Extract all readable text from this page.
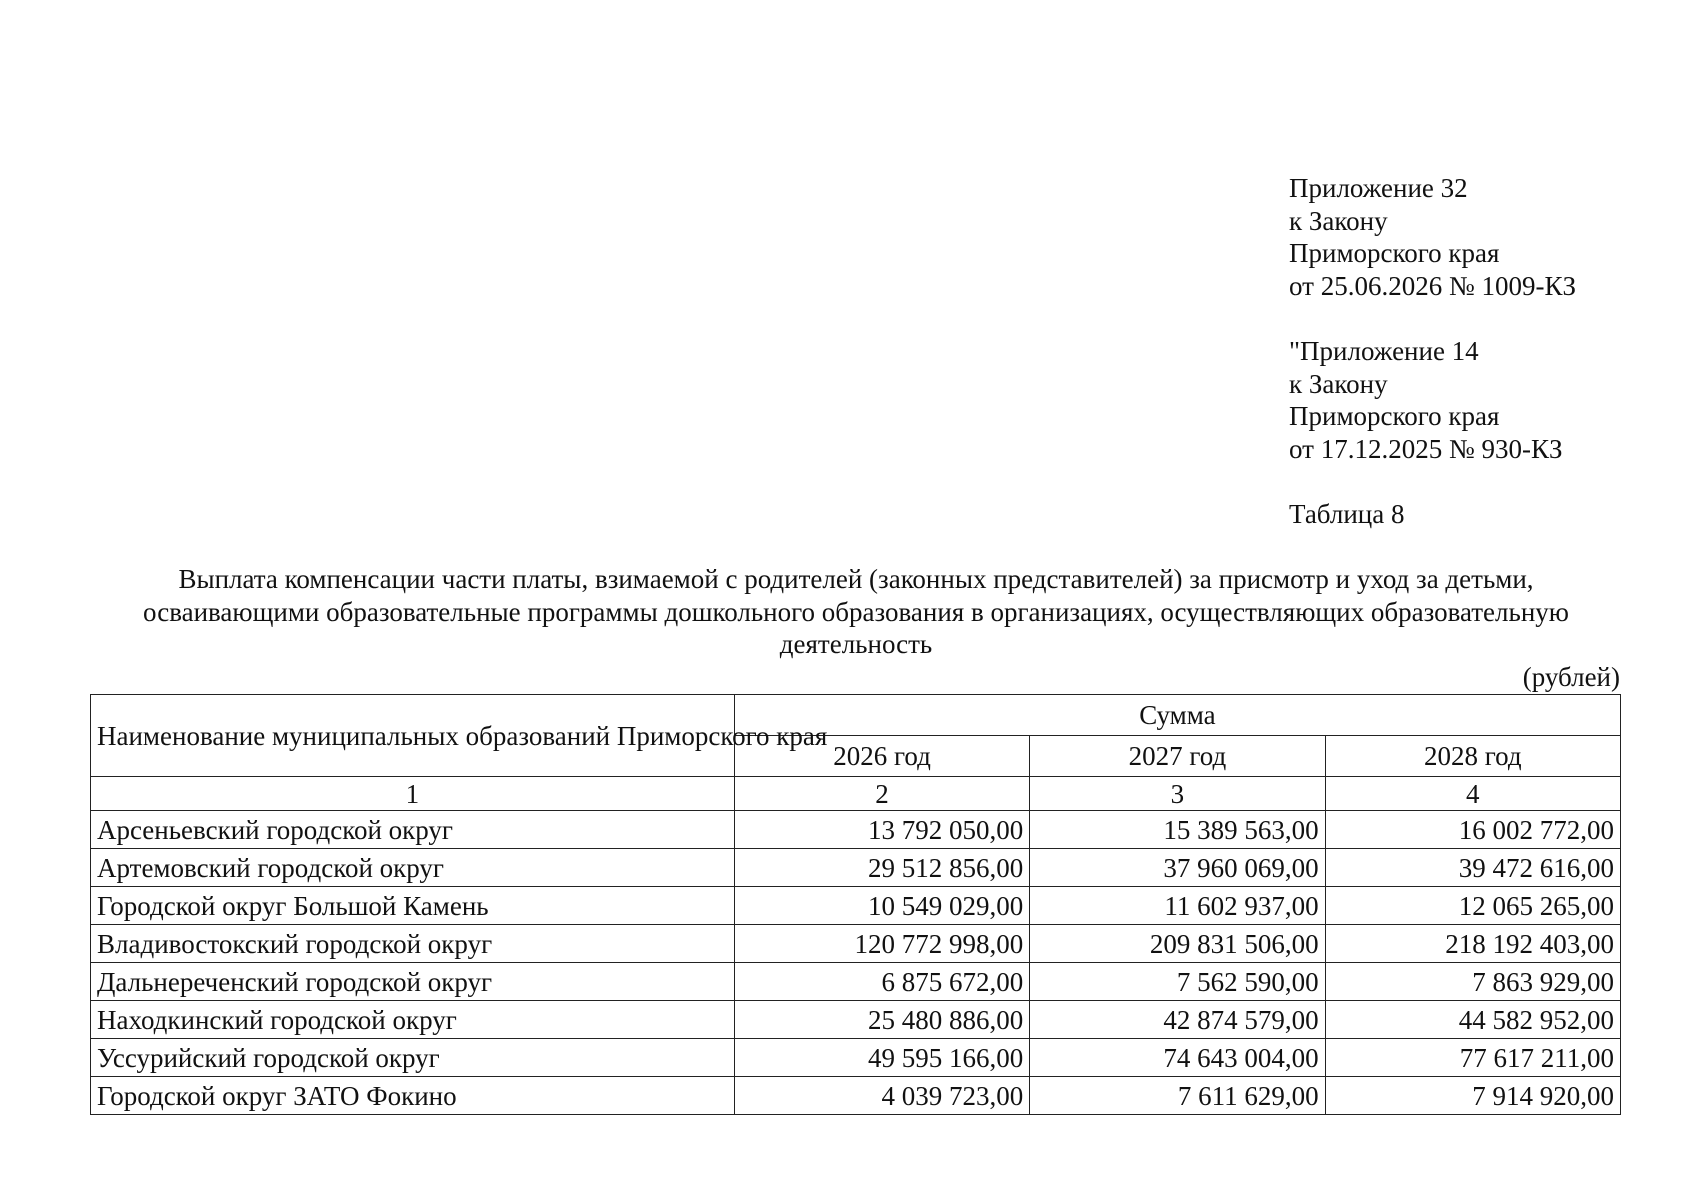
Приложение 32
к Закону
Приморского края
от 25.06.2026 № 1009-КЗ
"Приложение 14
к Закону
Приморского края
от 17.12.2025 № 930-КЗ
Таблица 8
Выплата компенсации части платы, взимаемой с родителей (законных представителей) за присмотр и уход за детьми,
осваивающими образовательные программы дошкольного образования в организациях, осуществляющих образовательную
деятельность
(рублей)
Наименование муниципальных образований Приморского края	Сумма		
	2026 год	2027 год	2028 год
1	2	3	4
Арсеньевский городской округ	13 792 050,00	15 389 563,00	16 002 772,00
Артемовский городской округ	29 512 856,00	37 960 069,00	39 472 616,00
Городской округ Большой Камень	10 549 029,00	11 602 937,00	12 065 265,00
Владивостокский городской округ	120 772 998,00	209 831 506,00	218 192 403,00
Дальнереченский городской округ	6 875 672,00	7 562 590,00	7 863 929,00
Находкинский городской округ	25 480 886,00	42 874 579,00	44 582 952,00
Уссурийский городской округ	49 595 166,00	74 643 004,00	77 617 211,00
Городской округ ЗАТО Фокино	4 039 723,00	7 611 629,00	7 914 920,00
